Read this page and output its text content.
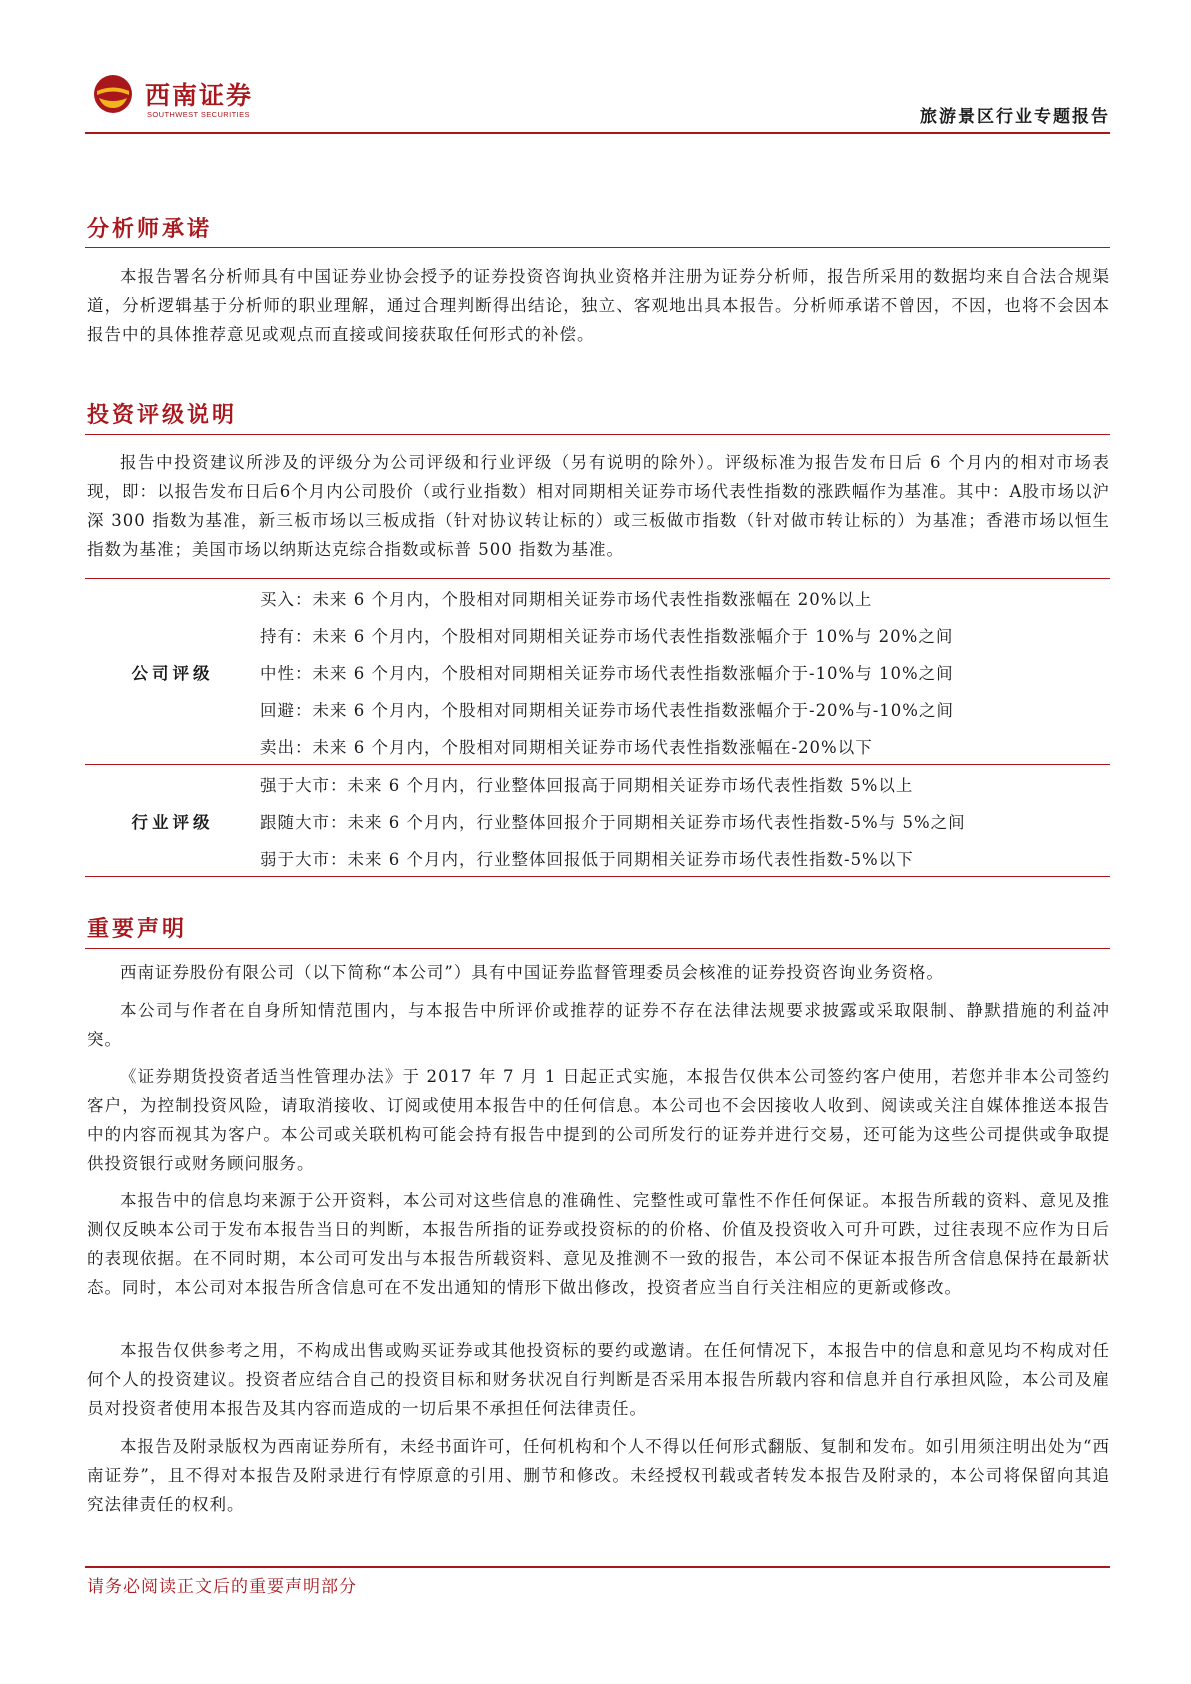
西南证券
SOUTHWEST SECURITIES	旅游景区行业专题报告
分析师承诺

本报告署名分析师具有中国证券业协会授予的证券投资咨询执业资格并注册为证券分析师，报告所采用的数据均来自合法合规渠道，分析逻辑基于分析师的职业理解，通过合理判断得出结论，独立、客观地出具本报告。分析师承诺不曾因，不因，也将不会因本报告中的具体推荐意见或观点而直接或间接获取任何形式的补偿。

投资评级说明

报告中投资建议所涉及的评级分为公司评级和行业评级（另有说明的除外）。评级标准为报告发布日后 6 个月内的相对市场表现，即：以报告发布日后6个月内公司股价（或行业指数）相对同期相关证券市场代表性指数的涨跌幅作为基准。其中：A股市场以沪深 300 指数为基准，新三板市场以三板成指（针对协议转让标的）或三板做市指数（针对做市转让标的）为基准；香港市场以恒生指数为基准；美国市场以纳斯达克综合指数或标普 500 指数为基准。

公司评级	买入：未来 6 个月内，个股相对同期相关证券市场代表性指数涨幅在 20%以上
	持有：未来 6 个月内，个股相对同期相关证券市场代表性指数涨幅介于 10%与 20%之间
	中性：未来 6 个月内，个股相对同期相关证券市场代表性指数涨幅介于-10%与 10%之间
	回避：未来 6 个月内，个股相对同期相关证券市场代表性指数涨幅介于-20%与-10%之间
	卖出：未来 6 个月内，个股相对同期相关证券市场代表性指数涨幅在-20%以下
行业评级	强于大市：未来 6 个月内，行业整体回报高于同期相关证券市场代表性指数 5%以上
	跟随大市：未来 6 个月内，行业整体回报介于同期相关证券市场代表性指数-5%与 5%之间
	弱于大市：未来 6 个月内，行业整体回报低于同期相关证券市场代表性指数-5%以下
重要声明

西南证券股份有限公司（以下简称“本公司”）具有中国证券监督管理委员会核准的证券投资咨询业务资格。

本公司与作者在自身所知情范围内，与本报告中所评价或推荐的证券不存在法律法规要求披露或采取限制、静默措施的利益冲突。

《证券期货投资者适当性管理办法》于 2017 年 7 月 1 日起正式实施，本报告仅供本公司签约客户使用，若您并非本公司签约客户，为控制投资风险，请取消接收、订阅或使用本报告中的任何信息。本公司也不会因接收人收到、阅读或关注自媒体推送本报告中的内容而视其为客户。本公司或关联机构可能会持有报告中提到的公司所发行的证券并进行交易，还可能为这些公司提供或争取提供投资银行或财务顾问服务。

本报告中的信息均来源于公开资料，本公司对这些信息的准确性、完整性或可靠性不作任何保证。本报告所载的资料、意见及推测仅反映本公司于发布本报告当日的判断，本报告所指的证券或投资标的的价格、价值及投资收入可升可跌，过往表现不应作为日后的表现依据。在不同时期，本公司可发出与本报告所载资料、意见及推测不一致的报告，本公司不保证本报告所含信息保持在最新状态。同时，本公司对本报告所含信息可在不发出通知的情形下做出修改，投资者应当自行关注相应的更新或修改。

本报告仅供参考之用，不构成出售或购买证券或其他投资标的要约或邀请。在任何情况下，本报告中的信息和意见均不构成对任何个人的投资建议。投资者应结合自己的投资目标和财务状况自行判断是否采用本报告所载内容和信息并自行承担风险，本公司及雇员对投资者使用本报告及其内容而造成的一切后果不承担任何法律责任。

本报告及附录版权为西南证券所有，未经书面许可，任何机构和个人不得以任何形式翻版、复制和发布。如引用须注明出处为“西南证券”，且不得对本报告及附录进行有悖原意的引用、删节和修改。未经授权刊载或者转发本报告及附录的，本公司将保留向其追究法律责任的权利。

请务必阅读正文后的重要声明部分
